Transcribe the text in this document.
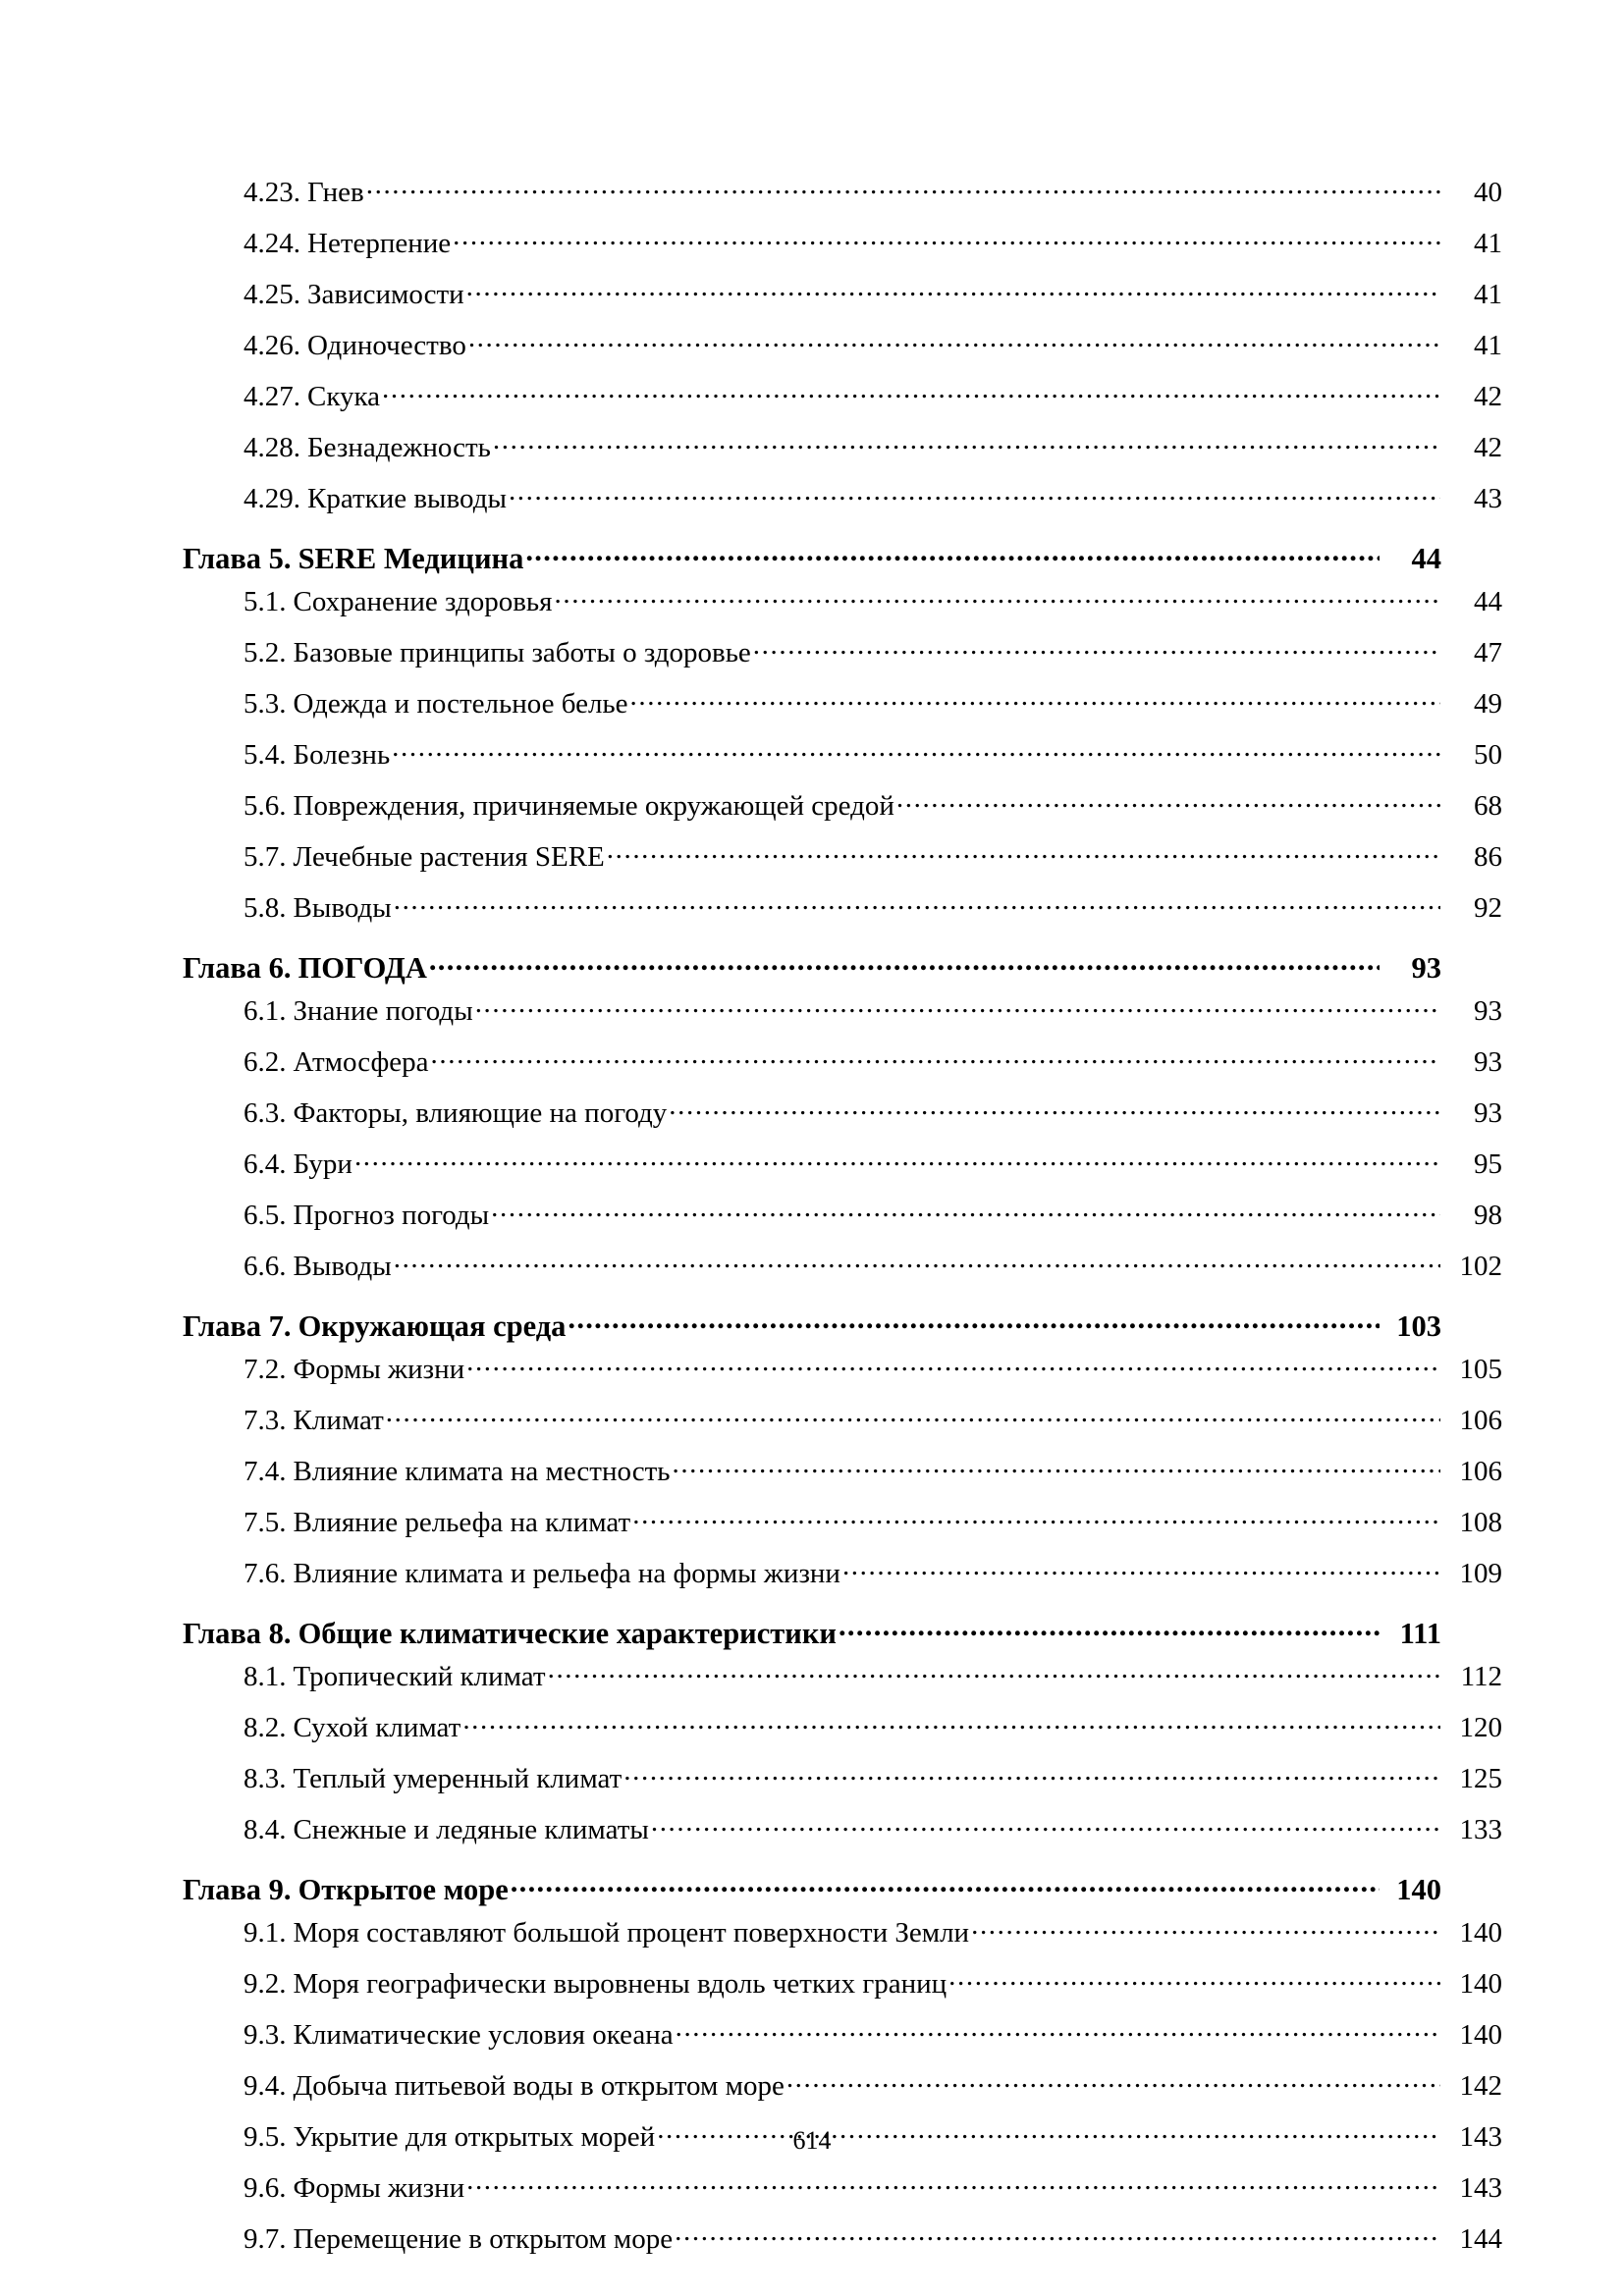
4.23. Гнев .....	40
4.24. Нетерпение .....	41
4.25. Зависимости .....	41
4.26. Одиночество .....	41
4.27. Скука .....	42
4.28. Безнадежность .....	42
4.29. Краткие выводы .....	43
Глава 5. SERE Медицина .....	44
5.1. Сохранение здоровья .....	44
5.2. Базовые принципы заботы о здоровье .....	47
5.3. Одежда и постельное белье .....	49
5.4. Болезнь .....	50
5.6. Повреждения, причиняемые окружающей средой .....	68
5.7. Лечебные растения SERE .....	86
5.8. Выводы .....	92
Глава 6. ПОГОДА .....	93
6.1. Знание погоды .....	93
6.2. Атмосфера .....	93
6.3. Факторы, влияющие на погоду .....	93
6.4. Бури .....	95
6.5. Прогноз погоды .....	98
6.6. Выводы .....	102
Глава 7. Окружающая среда .....	103
7.2. Формы жизни .....	105
7.3. Климат .....	106
7.4. Влияние климата на местность .....	106
7.5. Влияние рельефа на климат .....	108
7.6. Влияние климата и рельефа на формы жизни .....	109
Глава 8. Общие климатические характеристики .....	111
8.1. Тропический климат .....	112
8.2. Сухой климат .....	120
8.3. Теплый умеренный климат .....	125
8.4. Снежные и ледяные климаты .....	133
Глава 9. Открытое море .....	140
9.1. Моря составляют большой процент поверхности Земли .....	140
9.2. Моря географически выровнены вдоль четких границ .....	140
9.3. Климатические условия океана .....	140
9.4. Добыча питьевой воды в открытом море .....	142
9.5. Укрытие для открытых морей .....	143
9.6. Формы жизни .....	143
9.7. Перемещение в открытом море .....	144
614
